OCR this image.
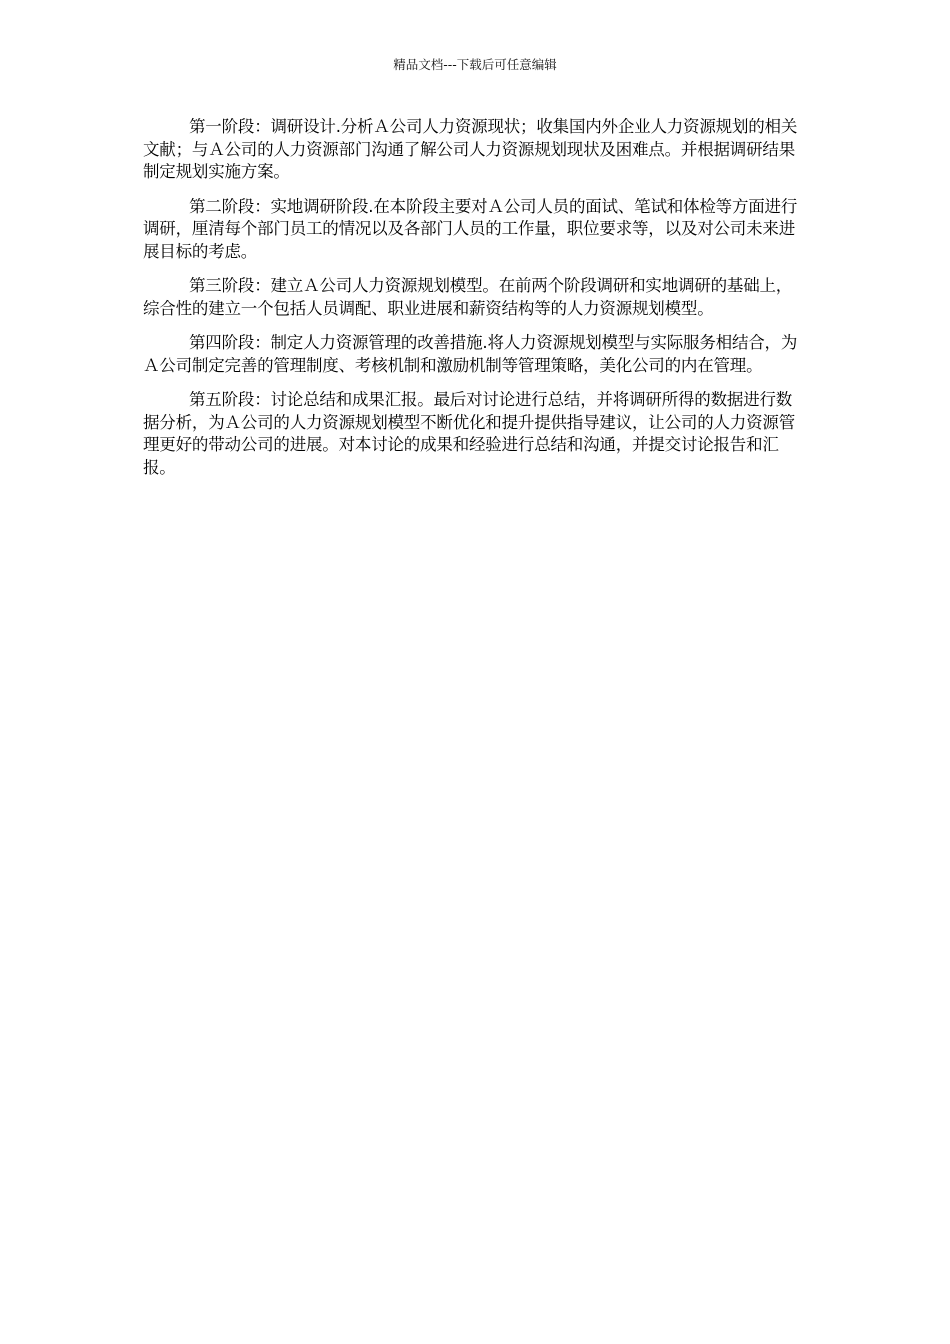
精品文档---下载后可任意编辑

第一阶段：调研设计.分析Ａ公司人力资源现状；收集国内外企业人力资源规划的相关文献；与Ａ公司的人力资源部门沟通了解公司人力资源规划现状及困难点。并根据调研结果制定规划实施方案。

第二阶段：实地调研阶段.在本阶段主要对Ａ公司人员的面试、笔试和体检等方面进行调研，厘清每个部门员工的情况以及各部门人员的工作量，职位要求等，以及对公司未来进展目标的考虑。

第三阶段：建立Ａ公司人力资源规划模型。在前两个阶段调研和实地调研的基础上，综合性的建立一个包括人员调配、职业进展和薪资结构等的人力资源规划模型。

第四阶段：制定人力资源管理的改善措施.将人力资源规划模型与实际服务相结合，为Ａ公司制定完善的管理制度、考核机制和激励机制等管理策略，美化公司的内在管理。

第五阶段：讨论总结和成果汇报。最后对讨论进行总结，并将调研所得的数据进行数据分析，为Ａ公司的人力资源规划模型不断优化和提升提供指导建议，让公司的人力资源管理更好的带动公司的进展。对本讨论的成果和经验进行总结和沟通，并提交讨论报告和汇报。
